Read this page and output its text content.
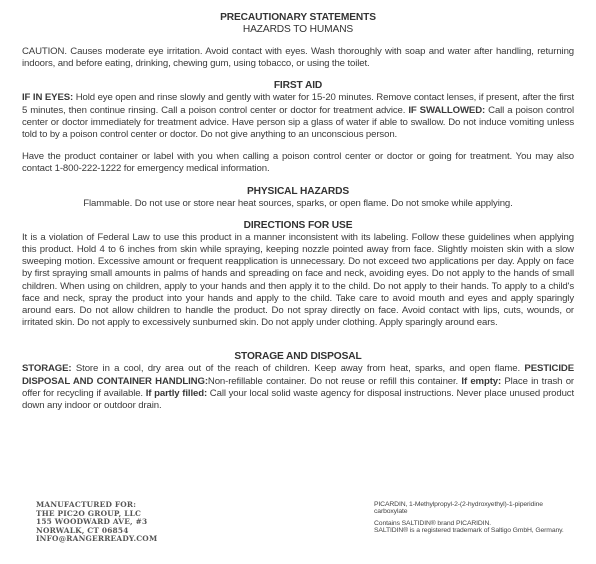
PRECAUTIONARY STATEMENTS
HAZARDS TO HUMANS

CAUTION. Causes moderate eye irritation. Avoid contact with eyes. Wash thoroughly with soap and water after handling, returning indoors, and before eating, drinking, chewing gum, using tobacco, or using the toilet.

FIRST AID

IF IN EYES: Hold eye open and rinse slowly and gently with water for 15-20 minutes. Remove contact lenses, if present, after the first 5 minutes, then continue rinsing. Call a poison control center or doctor for treatment advice. IF SWALLOWED: Call a poison control center or doctor immediately for treatment advice. Have person sip a glass of water if able to swallow. Do not induce vomiting unless told to by a poison control center or doctor. Do not give anything to an unconscious person.

Have the product container or label with you when calling a poison control center or doctor or going for treatment. You may also contact 1-800-222-1222 for emergency medical information.

PHYSICAL HAZARDS

Flammable. Do not use or store near heat sources, sparks, or open flame. Do not smoke while applying.

DIRECTIONS FOR USE

It is a violation of Federal Law to use this product in a manner inconsistent with its labeling. Follow these guidelines when applying this product. Hold 4 to 6 inches from skin while spraying, keeping nozzle pointed away from face. Slightly moisten skin with a slow sweeping motion. Excessive amount or frequent reapplication is unnecessary. Do not exceed two applications per day. Apply on face by first spraying small amounts in palms of hands and spreading on face and neck, avoiding eyes. Do not apply to the hands of small children. When using on children, apply to your hands and then apply it to the child. Do not apply to their hands. To apply to a child's face and neck, spray the product into your hands and apply to the child. Take care to avoid mouth and eyes and apply sparingly around ears. Do not allow children to handle the product. Do not spray directly on face. Avoid contact with lips, cuts, wounds, or irritated skin. Do not apply to excessively sunburned skin. Do not apply under clothing. Apply sparingly around ears.

STORAGE AND DISPOSAL

STORAGE: Store in a cool, dry area out of the reach of children. Keep away from heat, sparks, and open flame. PESTICIDE DISPOSAL AND CONTAINER HANDLING:Non-refillable container. Do not reuse or refill this container. If empty: Place in trash or offer for recycling if available. If partly filled: Call your local solid waste agency for disposal instructions. Never place unused product down any indoor or outdoor drain.

MANUFACTURED FOR:
THE PIC2O GROUP, LLC
155 WOODWARD AVE, #3
NORWALK, CT 06854
INFO@RANGERREADY.COM
PICARDIN, 1-Methylpropyl-2-(2-hydroxyethyl)-1-piperidine carboxylate
Contains SALTIDIN® brand PICARIDIN.
SALTIDIN® is a registered trademark of Saltigo GmbH, Germany.
